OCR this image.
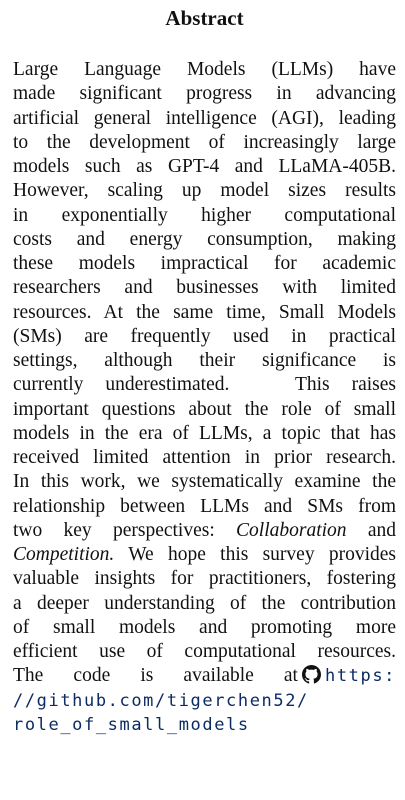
Abstract
Large Language Models (LLMs) have
made significant progress in advancing
artificial general intelligence (AGI), leading
to the development of increasingly large
models such as GPT-4 and LLaMA-405B.
However, scaling up model sizes results
in exponentially higher computational
costs and energy consumption, making
these models impractical for academic
researchers and businesses with limited
resources. At the same time, Small Models
(SMs) are frequently used in practical
settings, although their significance is
currently underestimated.   This raises
important questions about the role of small
models in the era of LLMs, a topic that has
received limited attention in prior research.
In this work, we systematically examine the
relationship between LLMs and SMs from
two key perspectives: Collaboration and
Competition. We hope this survey provides
valuable insights for practitioners, fostering
a deeper understanding of the contribution
of small models and promoting more
efficient use of computational resources.
The code is available at https:
//github.com/tigerchen52/
role_of_small_models
